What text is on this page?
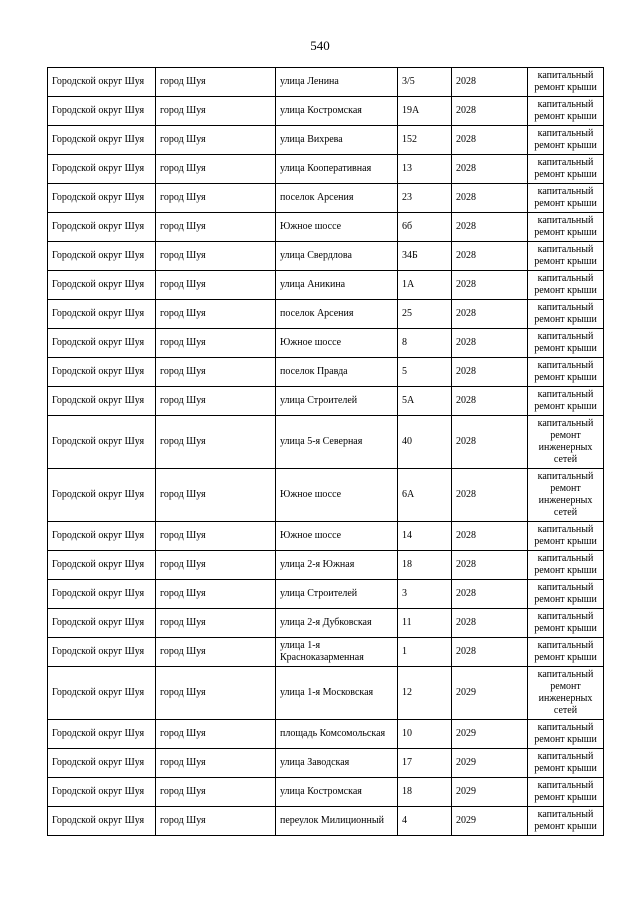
540
Городской округ Шуя	город Шуя	улица Ленина	3/5	2028	капитальный ремонт крыши
Городской округ Шуя	город Шуя	улица Костромская	19А	2028	капитальный ремонт крыши
Городской округ Шуя	город Шуя	улица Вихрева	152	2028	капитальный ремонт крыши
Городской округ Шуя	город Шуя	улица Кооперативная	13	2028	капитальный ремонт крыши
Городской округ Шуя	город Шуя	поселок Арсения	23	2028	капитальный ремонт крыши
Городской округ Шуя	город Шуя	Южное шоссе	6б	2028	капитальный ремонт крыши
Городской округ Шуя	город Шуя	улица Свердлова	34Б	2028	капитальный ремонт крыши
Городской округ Шуя	город Шуя	улица Аникина	1А	2028	капитальный ремонт крыши
Городской округ Шуя	город Шуя	поселок Арсения	25	2028	капитальный ремонт крыши
Городской округ Шуя	город Шуя	Южное шоссе	8	2028	капитальный ремонт крыши
Городской округ Шуя	город Шуя	поселок Правда	5	2028	капитальный ремонт крыши
Городской округ Шуя	город Шуя	улица Строителей	5А	2028	капитальный ремонт крыши
Городской округ Шуя	город Шуя	улица 5-я Северная	40	2028	капитальный ремонт инженерных сетей
Городской округ Шуя	город Шуя	Южное шоссе	6А	2028	капитальный ремонт инженерных сетей
Городской округ Шуя	город Шуя	Южное шоссе	14	2028	капитальный ремонт крыши
Городской округ Шуя	город Шуя	улица 2-я Южная	18	2028	капитальный ремонт крыши
Городской округ Шуя	город Шуя	улица Строителей	3	2028	капитальный ремонт крыши
Городской округ Шуя	город Шуя	улица 2-я Дубковская	11	2028	капитальный ремонт крыши
Городской округ Шуя	город Шуя	улица 1-я Краснoказарменная	1	2028	капитальный ремонт крыши
Городской округ Шуя	город Шуя	улица 1-я Московская	12	2029	капитальный ремонт инженерных сетей
Городской округ Шуя	город Шуя	площадь Комсомольская	10	2029	капитальный ремонт крыши
Городской округ Шуя	город Шуя	улица Заводская	17	2029	капитальный ремонт крыши
Городской округ Шуя	город Шуя	улица Костромская	18	2029	капитальный ремонт крыши
Городской округ Шуя	город Шуя	переулок Милиционный	4	2029	капитальный ремонт крыши
